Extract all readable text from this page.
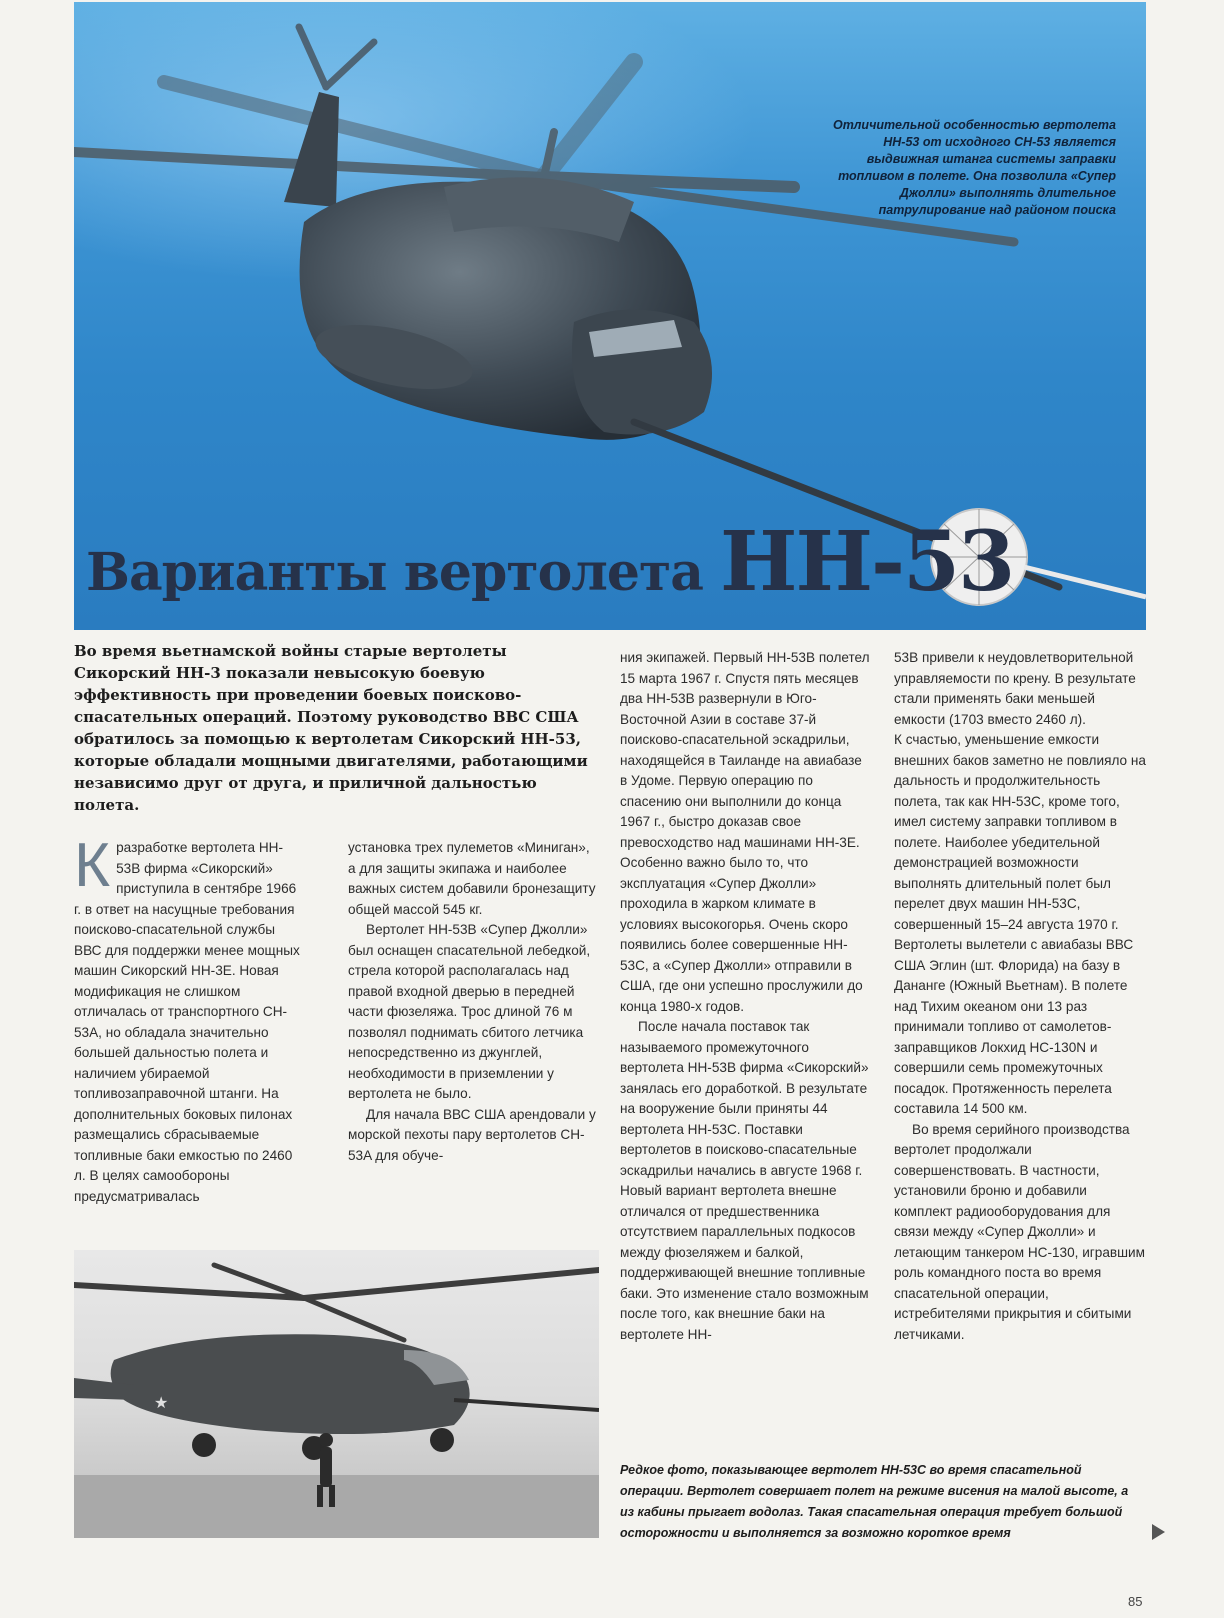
Отличительной особенностью вертолета HH-53 от исходного CH-53 является выдвижная штанга системы заправки топливом в полете. Она позволила «Супер Джолли» выполнять длительное патрулирование над районом поиска
Варианты вертолета HH-53
Во время вьетнамской войны старые вертолеты Сикорский HH-3 показали невысокую боевую эффективность при проведении боевых поисково-спасательных операций. Поэтому руководство ВВС США обратилось за помощью к вертолетам Сикорский HH-53, которые обладали мощными двигателями, работающими независимо друг от друга, и приличной дальностью полета.

Кразработке вертолета HH-53B фирма «Сикорский» приступила в сентябре 1966 г. в ответ на насущные требования поисково-спасательной службы ВВС для поддержки менее мощных машин Сикорский HH-3E. Новая модификация не слишком отличалась от транспортного CH-53A, но обладала значительно большей дальностью полета и наличием убираемой топливозаправочной штанги. На дополнительных боковых пилонах размещались сбрасываемые топливные баки емкостью по 2460 л. В целях самообороны предусматривалась

установка трех пулеметов «Миниган», а для защиты экипажа и наиболее важных систем добавили бронезащиту общей массой 545 кг.

Вертолет HH-53B «Супер Джолли» был оснащен спасательной лебедкой, стрела которой располагалась над правой входной дверью в передней части фюзеляжа. Трос длиной 76 м позволял поднимать сбитого летчика непосредственно из джунглей, необходимости в приземлении у вертолета не было.

Для начала ВВС США арендовали у морской пехоты пару вертолетов CH-53A для обуче-

ния экипажей. Первый HH-53B полетел 15 марта 1967 г. Спустя пять месяцев два HH-53B развернули в Юго-Восточной Азии в составе 37-й поисково-спасательной эскадрильи, находящейся в Таиланде на авиабазе в Удоме. Первую операцию по спасению они выполнили до конца 1967 г., быстро доказав свое превосходство над машинами HH-3E. Особенно важно было то, что эксплуатация «Супер Джолли» проходила в жарком климате в условиях высокогорья. Очень скоро появились более совершенные HH-53C, а «Супер Джолли» отправили в США, где они успешно прослужили до конца 1980-х годов.

После начала поставок так называемого промежуточного вертолета HH-53B фирма «Сикорский» занялась его доработкой. В результате на вооружение были приняты 44 вертолета HH-53C. Поставки вертолетов в поисково-спасательные эскадрильи начались в августе 1968 г. Новый вариант вертолета внешне отличался от предшественника отсутствием параллельных подкосов между фюзеляжем и балкой, поддерживающей внешние топливные баки. Это изменение стало возможным после того, как внешние баки на вертолете HH-

53B привели к неудовлетворительной управляемости по крену. В результате стали применять баки меньшей емкости (1703 вместо 2460 л).

К счастью, уменьшение емкости внешних баков заметно не повлияло на дальность и продолжительность полета, так как HH-53C, кроме того, имел систему заправки топливом в полете. Наиболее убедительной демонстрацией возможности выполнять длительный полет был перелет двух машин HH-53C, совершенный 15–24 августа 1970 г. Вертолеты вылетели с авиабазы ВВС США Эглин (шт. Флорида) на базу в Дананге (Южный Вьетнам). В полете над Тихим океаном они 13 раз принимали топливо от самолетов-заправщиков Локхид HC-130N и совершили семь промежуточных посадок. Протяженность перелета составила 14 500 км.

Во время серийного производства вертолет продолжали совершенствовать. В частности, установили броню и добавили комплект радиооборудования для связи между «Супер Джолли» и летающим танкером HC-130, игравшим роль командного поста во время спасательной операции, истребителями прикрытия и сбитыми летчиками.

★
Редкое фото, показывающее вертолет HH-53C во время спасательной операции. Вертолет совершает полет на режиме висения на малой высоте, а из кабины прыгает водолаз. Такая спасательная операция требует большой осторожности и выполняется за возможно короткое время
85
